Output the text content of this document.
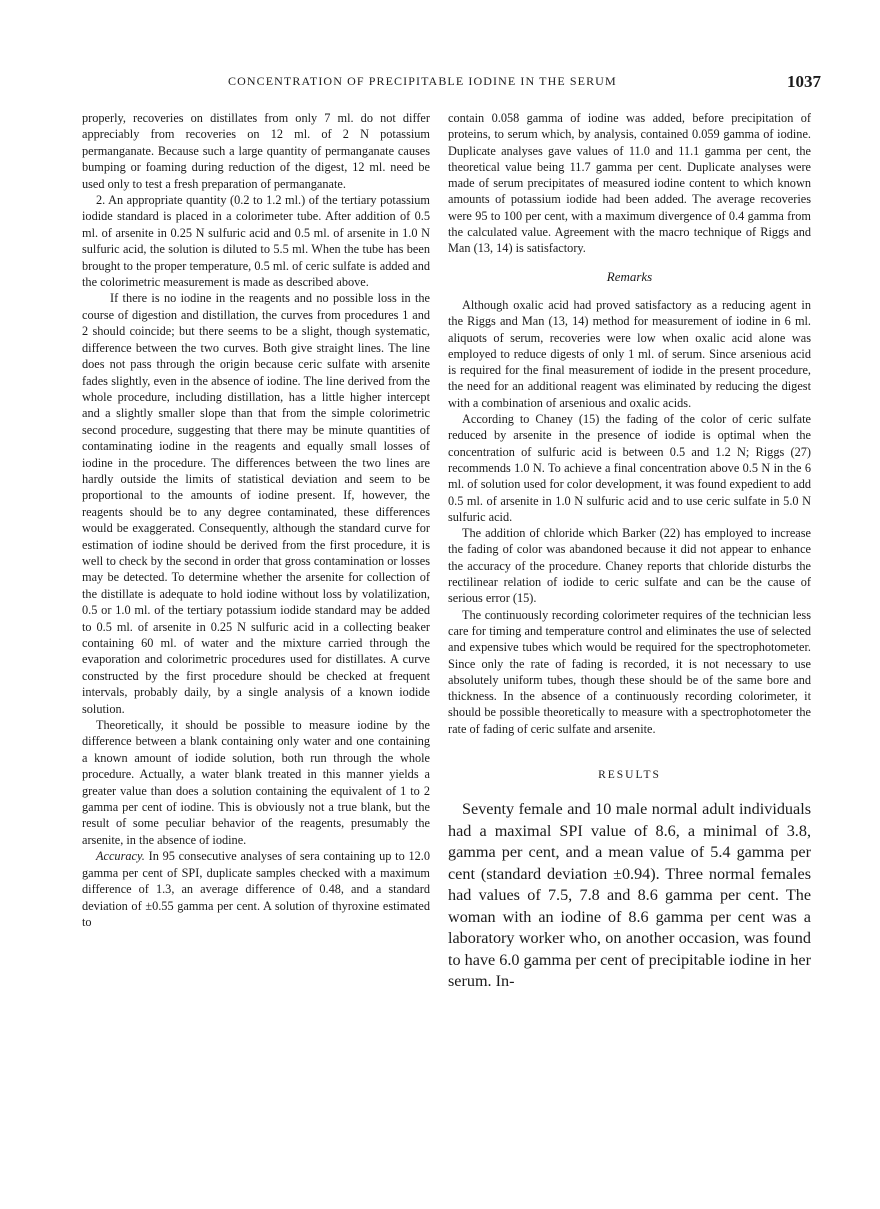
CONCENTRATION OF PRECIPITABLE IODINE IN THE SERUM	1037

properly, recoveries on distillates from only 7 ml. do not differ appreciably from recoveries on 12 ml. of 2 N potassium permanganate. Because such a large quantity of permanganate causes bumping or foaming during reduction of the digest, 12 ml. need be used only to test a fresh preparation of permanganate.

2. An appropriate quantity (0.2 to 1.2 ml.) of the tertiary potassium iodide standard is placed in a colorimeter tube. After addition of 0.5 ml. of arsenite in 0.25 N sulfuric acid and 0.5 ml. of arsenite in 1.0 N sulfuric acid, the solution is diluted to 5.5 ml. When the tube has been brought to the proper temperature, 0.5 ml. of ceric sulfate is added and the colorimetric measurement is made as described above.

If there is no iodine in the reagents and no possible loss in the course of digestion and distillation, the curves from procedures 1 and 2 should coincide; but there seems to be a slight, though systematic, difference between the two curves. Both give straight lines. The line does not pass through the origin because ceric sulfate with arsenite fades slightly, even in the absence of iodine. The line derived from the whole procedure, including distillation, has a little higher intercept and a slightly smaller slope than that from the simple colorimetric second procedure, suggesting that there may be minute quantities of contaminating iodine in the reagents and equally small losses of iodine in the procedure. The differences between the two lines are hardly outside the limits of statistical deviation and seem to be proportional to the amounts of iodine present. If, however, the reagents should be to any degree contaminated, these differences would be exaggerated. Consequently, although the standard curve for estimation of iodine should be derived from the first procedure, it is well to check by the second in order that gross contamination or losses may be detected. To determine whether the arsenite for collection of the distillate is adequate to hold iodine without loss by volatilization, 0.5 or 1.0 ml. of the tertiary potassium iodide standard may be added to 0.5 ml. of arsenite in 0.25 N sulfuric acid in a collecting beaker containing 60 ml. of water and the mixture carried through the evaporation and colorimetric procedures used for distillates. A curve constructed by the first procedure should be checked at frequent intervals, probably daily, by a single analysis of a known iodide solution.

Theoretically, it should be possible to measure iodine by the difference between a blank containing only water and one containing a known amount of iodide solution, both run through the whole procedure. Actually, a water blank treated in this manner yields a greater value than does a solution containing the equivalent of 1 to 2 gamma per cent of iodine. This is obviously not a true blank, but the result of some peculiar behavior of the reagents, presumably the arsenite, in the absence of iodine.

Accuracy. In 95 consecutive analyses of sera containing up to 12.0 gamma per cent of SPI, duplicate samples checked with a maximum difference of 1.3, an average difference of 0.48, and a standard deviation of ±0.55 gamma per cent. A solution of thyroxine estimated to

contain 0.058 gamma of iodine was added, before precipitation of proteins, to serum which, by analysis, contained 0.059 gamma of iodine. Duplicate analyses gave values of 11.0 and 11.1 gamma per cent, the theoretical value being 11.7 gamma per cent. Duplicate analyses were made of serum precipitates of measured iodine content to which known amounts of potassium iodide had been added. The average recoveries were 95 to 100 per cent, with a maximum divergence of 0.4 gamma from the calculated value. Agreement with the macro technique of Riggs and Man (13, 14) is satisfactory.

Remarks

Although oxalic acid had proved satisfactory as a reducing agent in the Riggs and Man (13, 14) method for measurement of iodine in 6 ml. aliquots of serum, recoveries were low when oxalic acid alone was employed to reduce digests of only 1 ml. of serum. Since arsenious acid is required for the final measurement of iodide in the present procedure, the need for an additional reagent was eliminated by reducing the digest with a combination of arsenious and oxalic acids.

According to Chaney (15) the fading of the color of ceric sulfate reduced by arsenite in the presence of iodide is optimal when the concentration of sulfuric acid is between 0.5 and 1.2 N; Riggs (27) recommends 1.0 N. To achieve a final concentration above 0.5 N in the 6 ml. of solution used for color development, it was found expedient to add 0.5 ml. of arsenite in 1.0 N sulfuric acid and to use ceric sulfate in 5.0 N sulfuric acid.

The addition of chloride which Barker (22) has employed to increase the fading of color was abandoned because it did not appear to enhance the accuracy of the procedure. Chaney reports that chloride disturbs the rectilinear relation of iodide to ceric sulfate and can be the cause of serious error (15).

The continuously recording colorimeter requires of the technician less care for timing and temperature control and eliminates the use of selected and expensive tubes which would be required for the spectrophotometer. Since only the rate of fading is recorded, it is not necessary to use absolutely uniform tubes, though these should be of the same bore and thickness. In the absence of a continuously recording colorimeter, it should be possible theoretically to measure with a spectrophotometer the rate of fading of ceric sulfate and arsenite.

RESULTS

Seventy female and 10 male normal adult individuals had a maximal SPI value of 8.6, a minimal of 3.8, gamma per cent, and a mean value of 5.4 gamma per cent (standard deviation ±0.94). Three normal females had values of 7.5, 7.8 and 8.6 gamma per cent. The woman with an iodine of 8.6 gamma per cent was a laboratory worker who, on another occasion, was found to have 6.0 gamma per cent of precipitable iodine in her serum. In-
